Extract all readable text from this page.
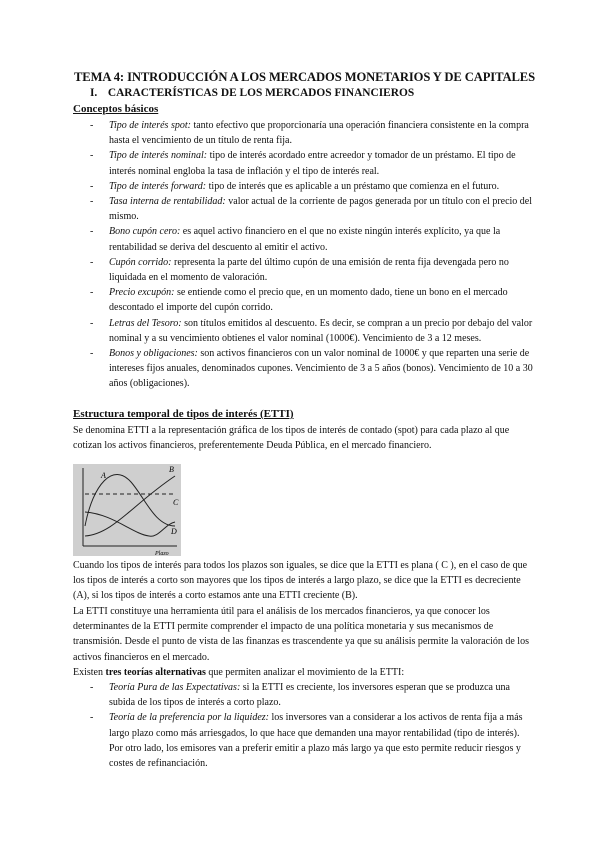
TEMA 4: INTRODUCCIÓN A LOS MERCADOS MONETARIOS Y DE CAPITALES
I. CARACTERÍSTICAS DE LOS MERCADOS FINANCIEROS
Conceptos básicos
- Tipo de interés spot: tanto efectivo que proporcionaría una operación financiera consistente en la compra hasta el vencimiento de un título de renta fija.
- Tipo de interés nominal: tipo de interés acordado entre acreedor y tomador de un préstamo. El tipo de interés nominal engloba la tasa de inflación y el tipo de interés real.
- Tipo de interés forward: tipo de interés que es aplicable a un préstamo que comienza en el futuro.
- Tasa interna de rentabilidad: valor actual de la corriente de pagos generada por un título con el precio del mismo.
- Bono cupón cero: es aquel activo financiero en el que no existe ningún interés explícito, ya que la rentabilidad se deriva del descuento al emitir el activo.
- Cupón corrido: representa la parte del último cupón de una emisión de renta fija devengada pero no liquidada en el momento de valoración.
- Precio excupón: se entiende como el precio que, en un momento dado, tiene un bono en el mercado descontado el importe del cupón corrido.
- Letras del Tesoro: son títulos emitidos al descuento. Es decir, se compran a un precio por debajo del valor nominal y a su vencimiento obtienes el valor nominal (1000€). Vencimiento de 3 a 12 meses.
- Bonos y obligaciones: son activos financieros con un valor nominal de 1000€ y que reparten una serie de intereses fijos anuales, denominados cupones. Vencimiento de 3 a 5 años (bonos). Vencimiento de 10 a 30 años (obligaciones).
Estructura temporal de tipos de interés (ETTI)
Se denomina ETTI a la representación gráfica de los tipos de interés de contado (spot) para cada plazo al que cotizan los activos financieros, preferentemente Deuda Pública, en el mercado financiero.
A
B
C
D
Plazo
Cuando los tipos de interés para todos los plazos son iguales, se dice que la ETTI es plana ( C ), en el caso de que los tipos de interés a corto son mayores que los tipos de interés a largo plazo, se dice que la ETTI es decreciente (A), si los tipos de interés a corto estamos ante una ETTI creciente (B).
La ETTI constituye una herramienta útil para el análisis de los mercados financieros, ya que conocer los determinantes de la ETTI permite comprender el impacto de una política monetaria y sus mecanismos de transmisión. Desde el punto de vista de las finanzas es trascendente ya que su análisis permite la valoración de los activos financieros en el mercado.
Existen tres teorías alternativas que permiten analizar el movimiento de la ETTI:
- Teoría Pura de las Expectativas: si la ETTI es creciente, los inversores esperan que se produzca una subida de los tipos de interés a corto plazo.
- Teoría de la preferencia por la liquidez: los inversores van a considerar a los activos de renta fija a más largo plazo como más arriesgados, lo que hace que demanden una mayor rentabilidad (tipo de interés). Por otro lado, los emisores van a preferir emitir a plazo más largo ya que esto permite reducir riesgos y costes de refinanciación.
